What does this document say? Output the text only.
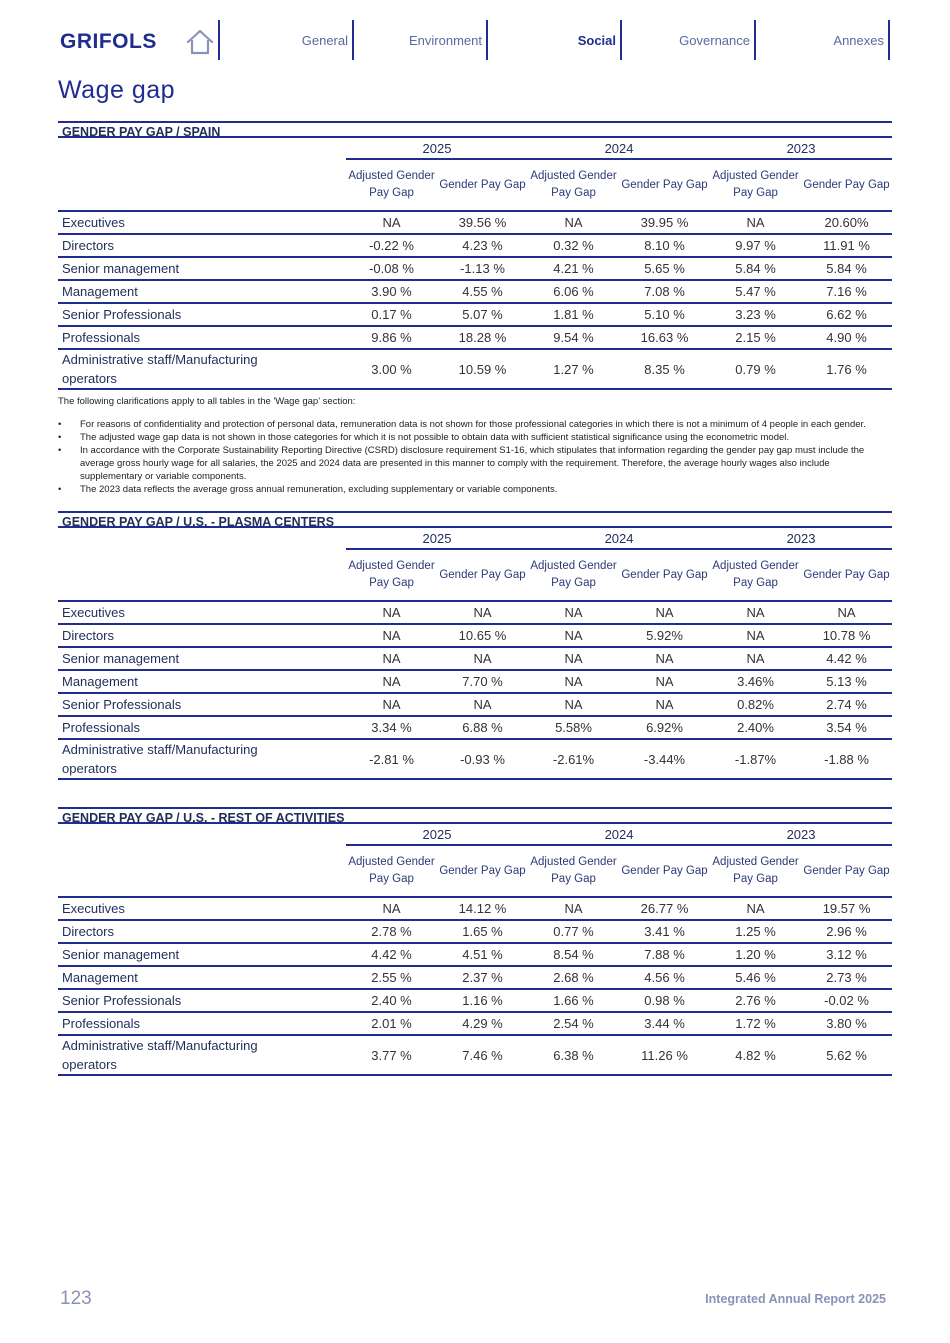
GRIFOLS	General	Environment	Social	Governance	Annexes
Wage gap
GENDER PAY GAP / SPAIN
	2025		2024		2023	
	Adjusted Gender Pay Gap	Gender Pay Gap	Adjusted Gender Pay Gap	Gender Pay Gap	Adjusted Gender Pay Gap	Gender Pay Gap
Executives	NA	39.56 %	NA	39.95 %	NA	20.60%
Directors	-0.22 %	4.23 %	0.32 %	8.10 %	9.97 %	11.91 %
Senior management	-0.08 %	-1.13 %	4.21 %	5.65 %	5.84 %	5.84 %
Management	3.90 %	4.55 %	6.06 %	7.08 %	5.47 %	7.16 %
Senior Professionals	0.17 %	5.07 %	1.81 %	5.10 %	3.23 %	6.62 %
Professionals	9.86 %	18.28 %	9.54 %	16.63 %	2.15 %	4.90 %
Administrative staff/Manufacturing operators	3.00 %	10.59 %	1.27 %	8.35 %	0.79 %	1.76 %

The following clarifications apply to all tables in the 'Wage gap' section:

• For reasons of confidentiality and protection of personal data, remuneration data is not shown for those professional categories in which there is not a minimum of 4 people in each gender.
• The adjusted wage gap data is not shown in those categories for which it is not possible to obtain data with sufficient statistical significance using the econometric model.
• In accordance with the Corporate Sustainability Reporting Directive (CSRD) disclosure requirement S1-16, which stipulates that information regarding the gender pay gap must include the average gross hourly wage for all salaries, the 2025 and 2024 data are presented in this manner to comply with the requirement. Therefore, the average hourly wages also include supplementary or variable components.
• The 2023 data reflects the average gross annual remuneration, excluding supplementary or variable components.
GENDER PAY GAP / U.S. - PLASMA CENTERS
	2025		2024		2023	
	Adjusted Gender Pay Gap	Gender Pay Gap	Adjusted Gender Pay Gap	Gender Pay Gap	Adjusted Gender Pay Gap	Gender Pay Gap
Executives	NA	NA	NA	NA	NA	NA
Directors	NA	10.65 %	NA	5.92%	NA	10.78 %
Senior management	NA	NA	NA	NA	NA	4.42 %
Management	NA	7.70 %	NA	NA	3.46%	5.13 %
Senior Professionals	NA	NA	NA	NA	0.82%	2.74 %
Professionals	3.34 %	6.88 %	5.58%	6.92%	2.40%	3.54 %
Administrative staff/Manufacturing operators	-2.81 %	-0.93 %	-2.61%	-3.44%	-1.87%	-1.88 %
GENDER PAY GAP / U.S. - REST OF ACTIVITIES
	2025		2024		2023	
	Adjusted Gender Pay Gap	Gender Pay Gap	Adjusted Gender Pay Gap	Gender Pay Gap	Adjusted Gender Pay Gap	Gender Pay Gap
Executives	NA	14.12 %	NA	26.77 %	NA	19.57 %
Directors	2.78 %	1.65 %	0.77 %	3.41 %	1.25 %	2.96 %
Senior management	4.42 %	4.51 %	8.54 %	7.88 %	1.20 %	3.12 %
Management	2.55 %	2.37 %	2.68 %	4.56 %	5.46 %	2.73 %
Senior Professionals	2.40 %	1.16 %	1.66 %	0.98 %	2.76 %	-0.02 %
Professionals	2.01 %	4.29 %	2.54 %	3.44 %	1.72 %	3.80 %
Administrative staff/Manufacturing operators	3.77 %	7.46 %	6.38 %	11.26 %	4.82 %	5.62 %
123	Integrated Annual Report 2025
